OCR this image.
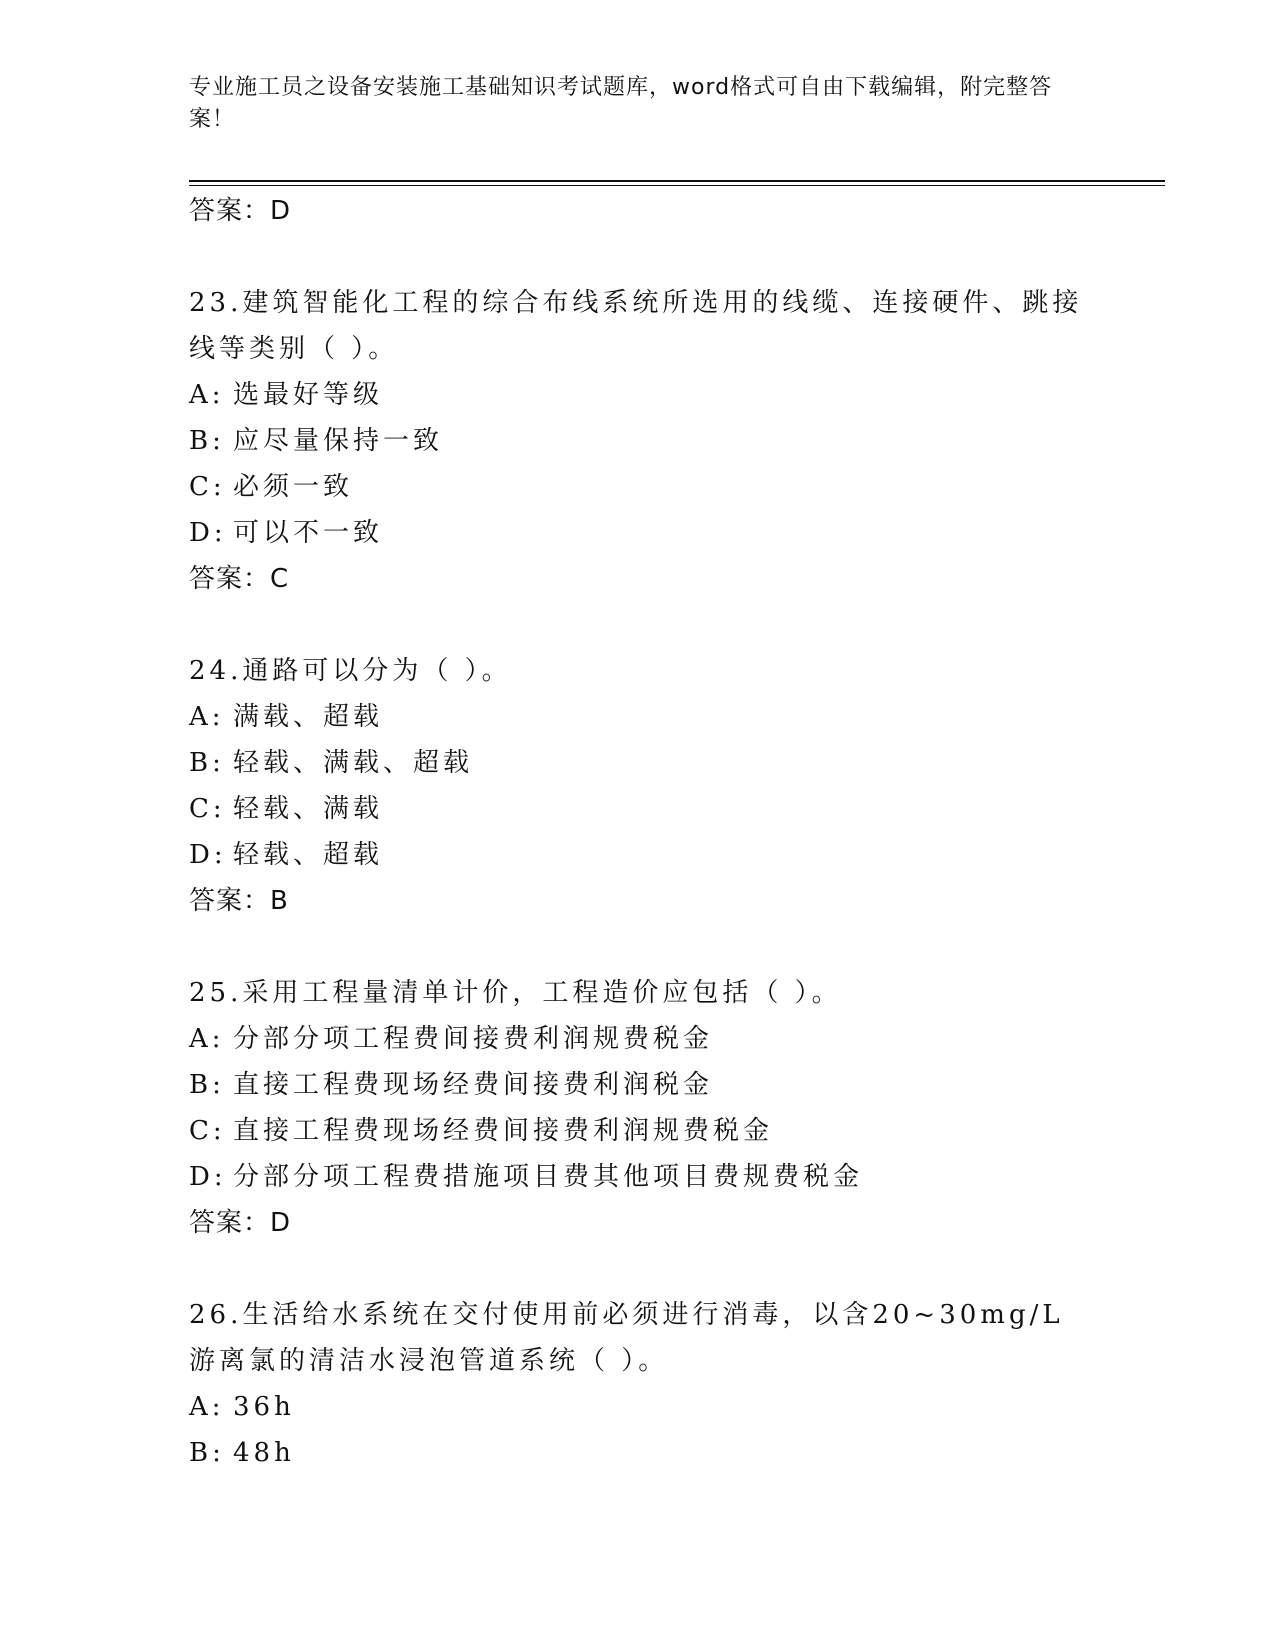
专业施工员之设备安装施工基础知识考试题库，word格式可自由下载编辑，附完整答案！
答案：D
23.建筑智能化工程的综合布线系统所选用的线缆、连接硬件、跳接线等类别（ ）。
A: 选最好等级
B: 应尽量保持一致
C: 必须一致
D: 可以不一致
答案：C
24.通路可以分为（ ）。
A: 满载、超载
B: 轻载、满载、超载
C: 轻载、满载
D: 轻载、超载
答案：B
25.采用工程量清单计价，工程造价应包括（ ）。
A: 分部分项工程费间接费利润规费税金
B: 直接工程费现场经费间接费利润税金
C: 直接工程费现场经费间接费利润规费税金
D: 分部分项工程费措施项目费其他项目费规费税金
答案：D
26.生活给水系统在交付使用前必须进行消毒，以含20~30mg/L游离氯的清洁水浸泡管道系统（ ）。
A: 36h
B: 48h
